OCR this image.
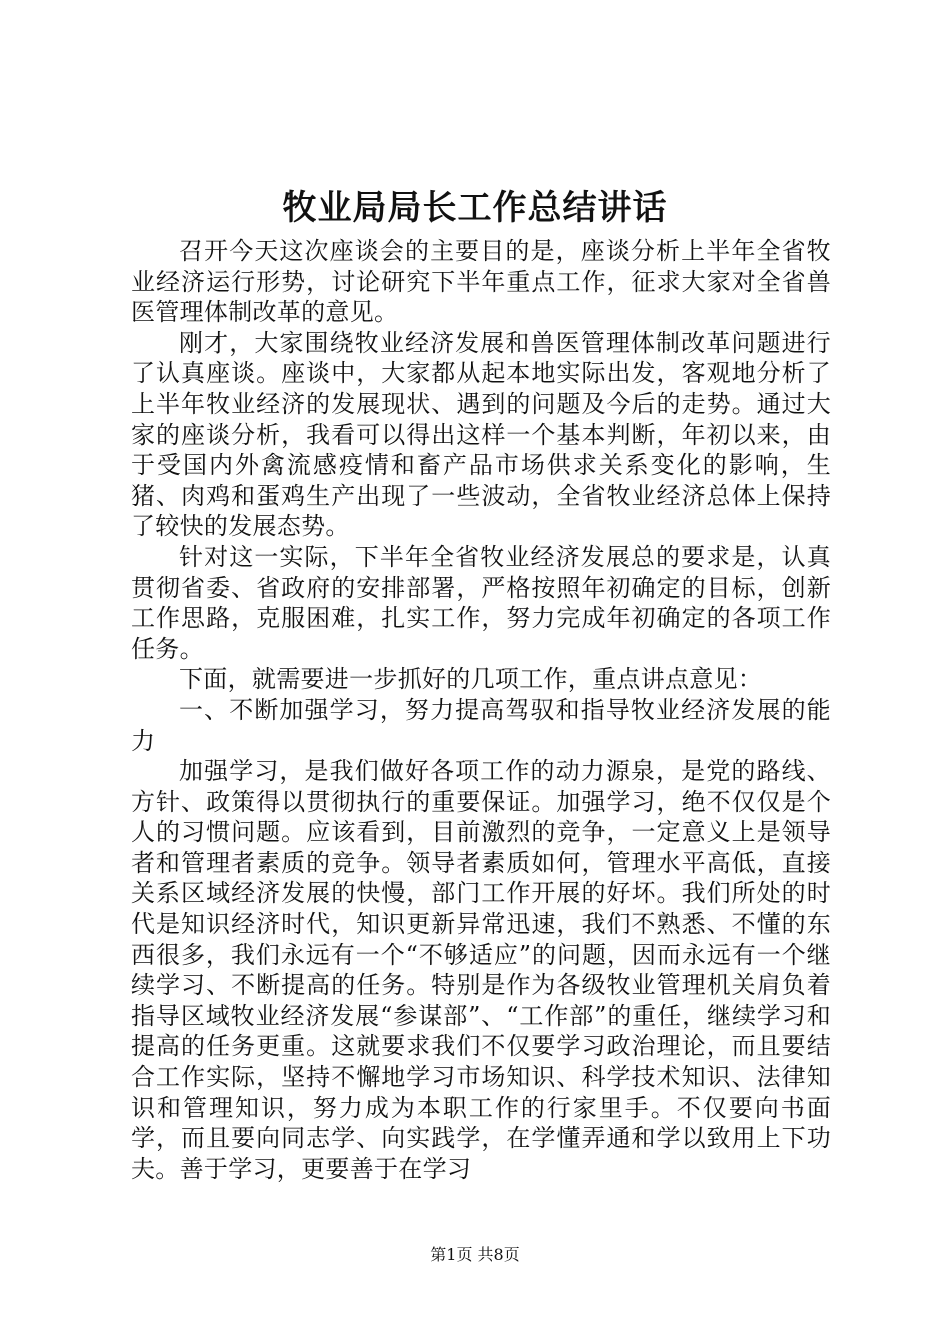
牧业局局长工作总结讲话

召开今天这次座谈会的主要目的是，座谈分析上半年全省牧业经济运行形势，讨论研究下半年重点工作，征求大家对全省兽医管理体制改革的意见。

刚才，大家围绕牧业经济发展和兽医管理体制改革问题进行了认真座谈。座谈中，大家都从起本地实际出发，客观地分析了上半年牧业经济的发展现状、遇到的问题及今后的走势。通过大家的座谈分析，我看可以得出这样一个基本判断，年初以来，由于受国内外禽流感疫情和畜产品市场供求关系变化的影响，生猪、肉鸡和蛋鸡生产出现了一些波动，全省牧业经济总体上保持了较快的发展态势。

针对这一实际，下半年全省牧业经济发展总的要求是，认真贯彻省委、省政府的安排部署，严格按照年初确定的目标，创新工作思路，克服困难，扎实工作，努力完成年初确定的各项工作任务。

下面，就需要进一步抓好的几项工作，重点讲点意见：

一、不断加强学习，努力提高驾驭和指导牧业经济发展的能力

加强学习，是我们做好各项工作的动力源泉，是党的路线、方针、政策得以贯彻执行的重要保证。加强学习，绝不仅仅是个人的习惯问题。应该看到，目前激烈的竞争，一定意义上是领导者和管理者素质的竞争。领导者素质如何，管理水平高低，直接关系区域经济发展的快慢，部门工作开展的好坏。我们所处的时代是知识经济时代，知识更新异常迅速，我们不熟悉、不懂的东西很多，我们永远有一个“不够适应”的问题，因而永远有一个继续学习、不断提高的任务。特别是作为各级牧业管理机关肩负着指导区域牧业经济发展“参谋部”、“工作部”的重任，继续学习和提高的任务更重。这就要求我们不仅要学习政治理论，而且要结合工作实际，坚持不懈地学习市场知识、科学技术知识、法律知识和管理知识，努力成为本职工作的行家里手。不仅要向书面学，而且要向同志学、向实践学，在学懂弄通和学以致用上下功夫。善于学习，更要善于在学习

第1页 共8页
